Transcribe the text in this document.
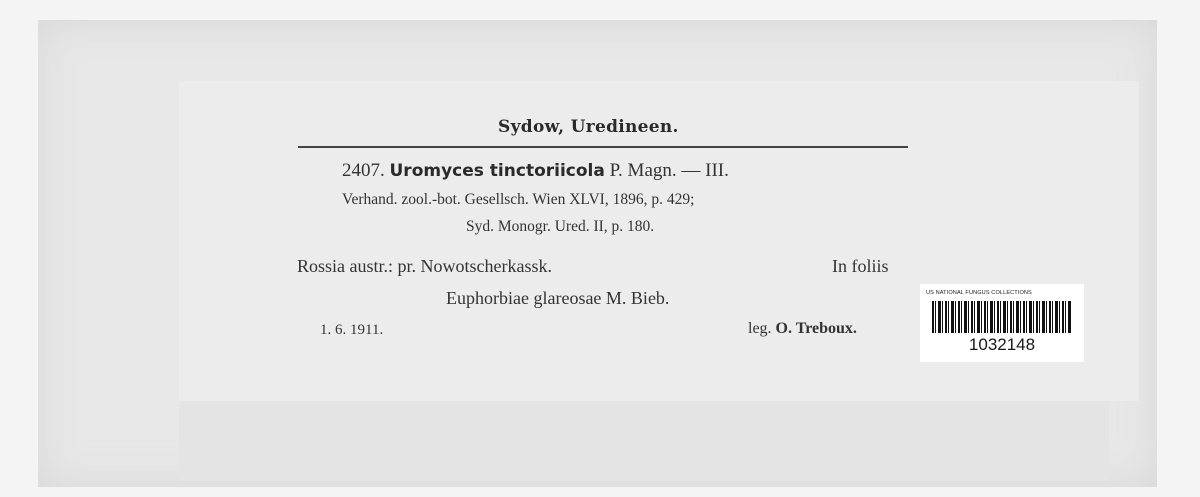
Sydow, Uredineen.
2407. Uromyces tinctoriicola P. Magn. — III.
Verhand. zool.-bot. Gesellsch. Wien XLVI, 1896, p. 429;
Syd. Monogr. Ured. II, p. 180.
Rossia austr.: pr. Nowotscherkassk.	In foliis
Euphorbiae glareosae M. Bieb.
1. 6. 1911.	leg. O. Treboux.
US NATIONAL FUNGUS COLLECTIONS
1032148
